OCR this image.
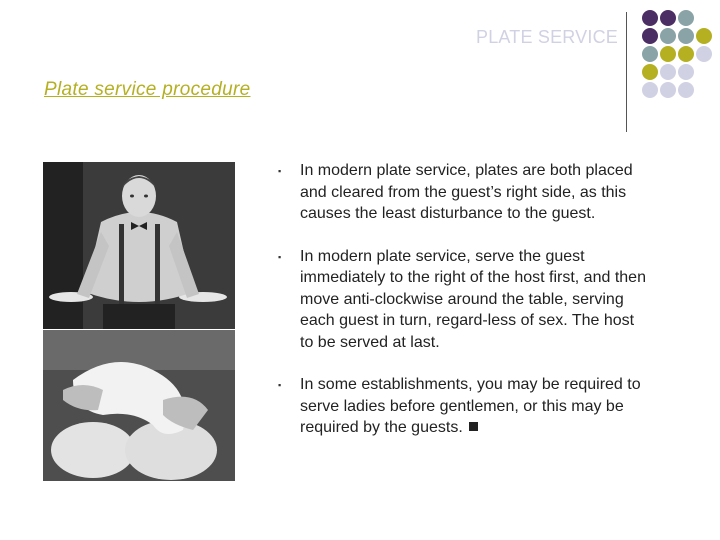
PLATE SERVICE
Plate service procedure
▪	In modern plate service, plates are both placed and cleared from the guest’s right side, as this causes the least disturbance to the guest.
▪	In modern plate service, serve the guest immediately to the right of the host first, and then move anti-clockwise around the table, serving each guest in turn, regard-less of sex. The host to be served at last.
▪	In some establishments, you may be required to serve ladies before gentlemen, or this may be required by the guests.
